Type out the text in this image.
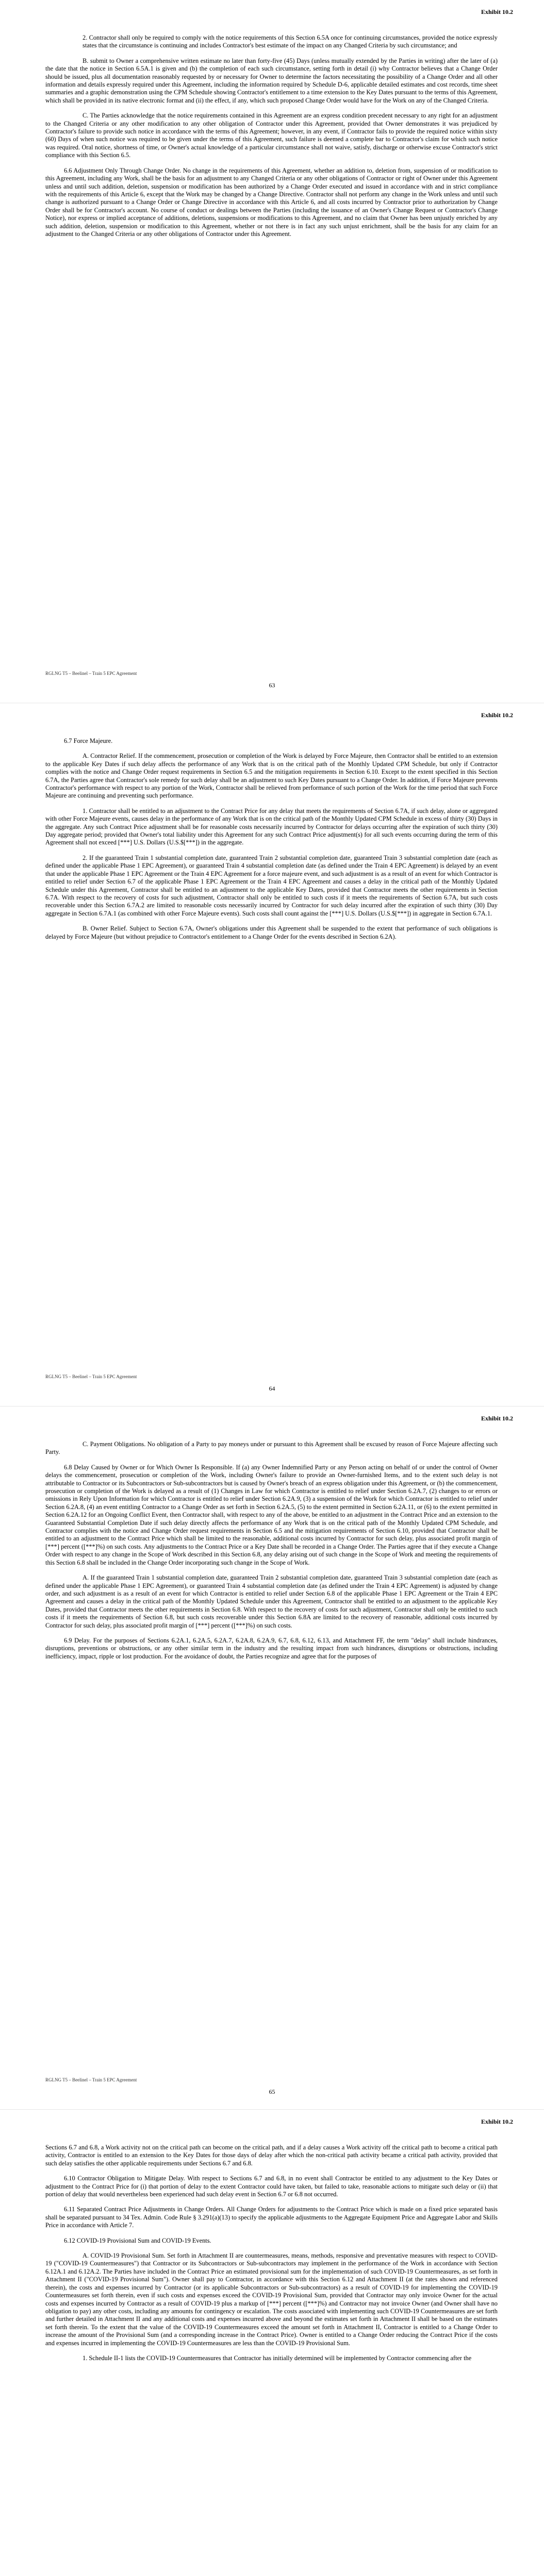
Exhibit 10.2

2. Contractor shall only be required to comply with the notice requirements of this Section 6.5A once for continuing circumstances, provided the notice expressly states that the circumstance is continuing and includes Contractor's best estimate of the impact on any Changed Criteria by such circumstance; and

B. submit to Owner a comprehensive written estimate no later than forty-five (45) Days (unless mutually extended by the Parties in writing) after the later of (a) the date that the notice in Section 6.5A.1 is given and (b) the completion of each such circumstance, setting forth in detail (i) why Contractor believes that a Change Order should be issued, plus all documentation reasonably requested by or necessary for Owner to determine the factors necessitating the possibility of a Change Order and all other information and details expressly required under this Agreement, including the information required by Schedule D-6, applicable detailed estimates and cost records, time sheet summaries and a graphic demonstration using the CPM Schedule showing Contractor's entitlement to a time extension to the Key Dates pursuant to the terms of this Agreement, which shall be provided in its native electronic format and (ii) the effect, if any, which such proposed Change Order would have for the Work on any of the Changed Criteria.

C. The Parties acknowledge that the notice requirements contained in this Agreement are an express condition precedent necessary to any right for an adjustment to the Changed Criteria or any other modification to any other obligation of Contractor under this Agreement, provided that Owner demonstrates it was prejudiced by Contractor's failure to provide such notice in accordance with the terms of this Agreement; however, in any event, if Contractor fails to provide the required notice within sixty (60) Days of when such notice was required to be given under the terms of this Agreement, such failure is deemed a complete bar to Contractor's claim for which such notice was required. Oral notice, shortness of time, or Owner's actual knowledge of a particular circumstance shall not waive, satisfy, discharge or otherwise excuse Contractor's strict compliance with this Section 6.5.

6.6 Adjustment Only Through Change Order. No change in the requirements of this Agreement, whether an addition to, deletion from, suspension of or modification to this Agreement, including any Work, shall be the basis for an adjustment to any Changed Criteria or any other obligations of Contractor or right of Owner under this Agreement unless and until such addition, deletion, suspension or modification has been authorized by a Change Order executed and issued in accordance with and in strict compliance with the requirements of this Article 6, except that the Work may be changed by a Change Directive. Contractor shall not perform any change in the Work unless and until such change is authorized pursuant to a Change Order or Change Directive in accordance with this Article 6, and all costs incurred by Contractor prior to authorization by Change Order shall be for Contractor's account. No course of conduct or dealings between the Parties (including the issuance of an Owner's Change Request or Contractor's Change Notice), nor express or implied acceptance of additions, deletions, suspensions or modifications to this Agreement, and no claim that Owner has been unjustly enriched by any such addition, deletion, suspension or modification to this Agreement, whether or not there is in fact any such unjust enrichment, shall be the basis for any claim for an adjustment to the Changed Criteria or any other obligations of Contractor under this Agreement.

RGLNG T5 – Beelinel – Train 5 EPC Agreement
63
Exhibit 10.2

6.7 Force Majeure.

A. Contractor Relief. If the commencement, prosecution or completion of the Work is delayed by Force Majeure, then Contractor shall be entitled to an extension to the applicable Key Dates if such delay affects the performance of any Work that is on the critical path of the Monthly Updated CPM Schedule, but only if Contractor complies with the notice and Change Order request requirements in Section 6.5 and the mitigation requirements in Section 6.10. Except to the extent specified in this Section 6.7A, the Parties agree that Contractor's sole remedy for such delay shall be an adjustment to such Key Dates pursuant to a Change Order. In addition, if Force Majeure prevents Contractor's performance with respect to any portion of the Work, Contractor shall be relieved from performance of such portion of the Work for the time period that such Force Majeure are continuing and preventing such performance.

1. Contractor shall be entitled to an adjustment to the Contract Price for any delay that meets the requirements of Section 6.7A, if such delay, alone or aggregated with other Force Majeure events, causes delay in the performance of any Work that is on the critical path of the Monthly Updated CPM Schedule in excess of thirty (30) Days in the aggregate. Any such Contract Price adjustment shall be for reasonable costs necessarily incurred by Contractor for delays occurring after the expiration of such thirty (30) Day aggregate period; provided that Owner's total liability under this Agreement for any such Contract Price adjustment(s) for all such events occurring during the term of this Agreement shall not exceed [***] U.S. Dollars (U.S.$[***]) in the aggregate.

2. If the guaranteed Train 1 substantial completion date, guaranteed Train 2 substantial completion date, guaranteed Train 3 substantial completion date (each as defined under the applicable Phase 1 EPC Agreement), or guaranteed Train 4 substantial completion date (as defined under the Train 4 EPC Agreement) is delayed by an event that under the applicable Phase 1 EPC Agreement or the Train 4 EPC Agreement for a force majeure event, and such adjustment is as a result of an event for which Contractor is entitled to relief under Section 6.7 of the applicable Phase 1 EPC Agreement or the Train 4 EPC Agreement and causes a delay in the critical path of the Monthly Updated Schedule under this Agreement, Contractor shall be entitled to an adjustment to the applicable Key Dates, provided that Contractor meets the other requirements in Section 6.7A. With respect to the recovery of costs for such adjustment, Contractor shall only be entitled to such costs if it meets the requirements of Section 6.7A, but such costs recoverable under this Section 6.7A.2 are limited to reasonable costs necessarily incurred by Contractor for such delay incurred after the expiration of such thirty (30) Day aggregate in Section 6.7A.1 (as combined with other Force Majeure events). Such costs shall count against the [***] U.S. Dollars (U.S.$[***]) in aggregate in Section 6.7A.1.

B. Owner Relief. Subject to Section 6.7A, Owner's obligations under this Agreement shall be suspended to the extent that performance of such obligations is delayed by Force Majeure (but without prejudice to Contractor's entitlement to a Change Order for the events described in Section 6.2A).

RGLNG T5 – Beelinel – Train 5 EPC Agreement
64
Exhibit 10.2

C. Payment Obligations. No obligation of a Party to pay moneys under or pursuant to this Agreement shall be excused by reason of Force Majeure affecting such Party.

6.8 Delay Caused by Owner or for Which Owner Is Responsible. If (a) any Owner Indemnified Party or any Person acting on behalf of or under the control of Owner delays the commencement, prosecution or completion of the Work, including Owner's failure to provide an Owner-furnished Items, and to the extent such delay is not attributable to Contractor or its Subcontractors or Sub-subcontractors but is caused by Owner's breach of an express obligation under this Agreement, or (b) the commencement, prosecution or completion of the Work is delayed as a result of (1) Changes in Law for which Contractor is entitled to relief under Section 6.2A.7, (2) changes to or errors or omissions in Rely Upon Information for which Contractor is entitled to relief under Section 6.2A.9, (3) a suspension of the Work for which Contractor is entitled to relief under Section 6.2A.8, (4) an event entitling Contractor to a Change Order as set forth in Section 6.2A.5, (5) to the extent permitted in Section 6.2A.11, or (6) to the extent permitted in Section 6.2A.12 for an Ongoing Conflict Event, then Contractor shall, with respect to any of the above, be entitled to an adjustment in the Contract Price and an extension to the Guaranteed Substantial Completion Date if such delay directly affects the performance of any Work that is on the critical path of the Monthly Updated CPM Schedule, and Contractor complies with the notice and Change Order request requirements in Section 6.5 and the mitigation requirements of Section 6.10, provided that Contractor shall be entitled to an adjustment to the Contract Price which shall be limited to the reasonable, additional costs incurred by Contractor for such delay, plus associated profit margin of [***] percent ([***]%) on such costs. Any adjustments to the Contract Price or a Key Date shall be recorded in a Change Order. The Parties agree that if they execute a Change Order with respect to any change in the Scope of Work described in this Section 6.8, any delay arising out of such change in the Scope of Work and meeting the requirements of this Section 6.8 shall be included in the Change Order incorporating such change in the Scope of Work.

A. If the guaranteed Train 1 substantial completion date, guaranteed Train 2 substantial completion date, guaranteed Train 3 substantial completion date (each as defined under the applicable Phase 1 EPC Agreement), or guaranteed Train 4 substantial completion date (as defined under the Train 4 EPC Agreement) is adjusted by change order, and such adjustment is as a result of an event for which Contractor is entitled to relief under Section 6.8 of the applicable Phase 1 EPC Agreement or the Train 4 EPC Agreement and causes a delay in the critical path of the Monthly Updated Schedule under this Agreement, Contractor shall be entitled to an adjustment to the applicable Key Dates, provided that Contractor meets the other requirements in Section 6.8. With respect to the recovery of costs for such adjustment, Contractor shall only be entitled to such costs if it meets the requirements of Section 6.8, but such costs recoverable under this Section 6.8A are limited to the recovery of reasonable, additional costs incurred by Contractor for such delay, plus associated profit margin of [***] percent ([***]%) on such costs.

6.9 Delay. For the purposes of Sections 6.2A.1, 6.2A.5, 6.2A.7, 6.2A.8, 6.2A.9, 6.7, 6.8, 6.12, 6.13, and Attachment FF, the term "delay" shall include hindrances, disruptions, preventions or obstructions, or any other similar term in the industry and the resulting impact from such hindrances, disruptions or obstructions, including inefficiency, impact, ripple or lost production. For the avoidance of doubt, the Parties recognize and agree that for the purposes of

RGLNG T5 – Beelinel – Train 5 EPC Agreement
65
Exhibit 10.2

Sections 6.7 and 6.8, a Work activity not on the critical path can become on the critical path, and if a delay causes a Work activity off the critical path to become a critical path activity, Contractor is entitled to an extension to the Key Dates for those days of delay after which the non-critical path activity became a critical path activity, provided that such delay satisfies the other applicable requirements under Sections 6.7 and 6.8.

6.10 Contractor Obligation to Mitigate Delay. With respect to Sections 6.7 and 6.8, in no event shall Contractor be entitled to any adjustment to the Key Dates or adjustment to the Contract Price for (i) that portion of delay to the extent Contractor could have taken, but failed to take, reasonable actions to mitigate such delay or (ii) that portion of delay that would nevertheless been experienced had such delay event in Section 6.7 or 6.8 not occurred.

6.11 Separated Contract Price Adjustments in Change Orders. All Change Orders for adjustments to the Contract Price which is made on a fixed price separated basis shall be separated pursuant to 34 Tex. Admin. Code Rule § 3.291(a)(13) to specify the applicable adjustments to the Aggregate Equipment Price and Aggregate Labor and Skills Price in accordance with Article 7.

6.12 COVID-19 Provisional Sum and COVID-19 Events.

A. COVID-19 Provisional Sum. Set forth in Attachment II are countermeasures, means, methods, responsive and preventative measures with respect to COVID-19 ("COVID-19 Countermeasures") that Contractor or its Subcontractors or Sub-subcontractors may implement in the performance of the Work in accordance with Section 6.12A.1 and 6.12A.2. The Parties have included in the Contract Price an estimated provisional sum for the implementation of such COVID-19 Countermeasures, as set forth in Attachment II ("COVID-19 Provisional Sum"). Owner shall pay to Contractor, in accordance with this Section 6.12 and Attachment II (at the rates shown and referenced therein), the costs and expenses incurred by Contractor (or its applicable Subcontractors or Sub-subcontractors) as a result of COVID-19 for implementing the COVID-19 Countermeasures set forth therein, even if such costs and expenses exceed the COVID-19 Provisional Sum, provided that Contractor may only invoice Owner for the actual costs and expenses incurred by Contractor as a result of COVID-19 plus a markup of [***] percent ([***]%) and Contractor may not invoice Owner (and Owner shall have no obligation to pay) any other costs, including any amounts for contingency or escalation. The costs associated with implementing such COVID-19 Countermeasures are set forth and further detailed in Attachment II and any additional costs and expenses incurred above and beyond the estimates set forth in Attachment II shall be based on the estimates set forth therein. To the extent that the value of the COVID-19 Countermeasures exceed the amount set forth in Attachment II, Contractor is entitled to a Change Order to increase the amount of the Provisional Sum (and a corresponding increase in the Contract Price). Owner is entitled to a Change Order reducing the Contract Price if the costs and expenses incurred in implementing the COVID-19 Countermeasures are less than the COVID-19 Provisional Sum.

1. Schedule II-1 lists the COVID-19 Countermeasures that Contractor has initially determined will be implemented by Contractor commencing after the
